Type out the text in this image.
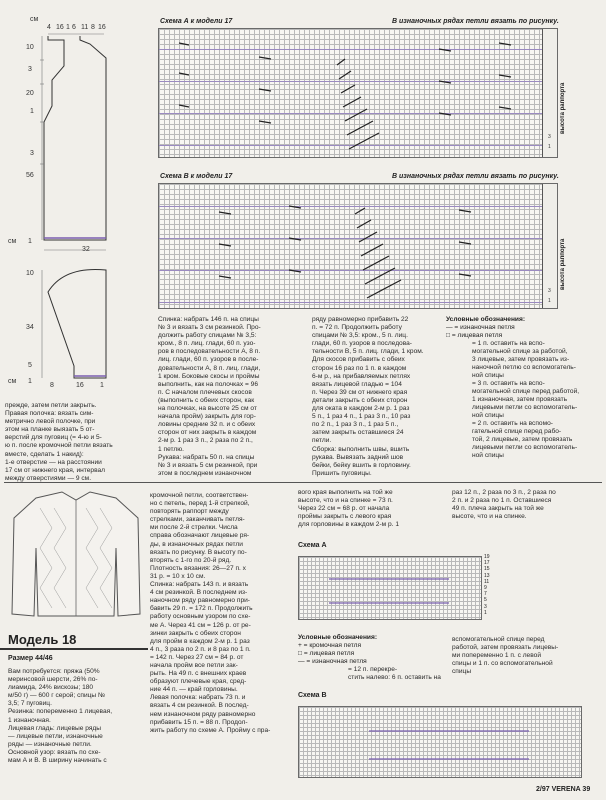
см
4 16 1 6 11 8 16
10
3
20
1
3
56
см 1
32
10
34
5
см 1
8	16 1
Схема А к модели 17	В изнаночных рядах петли вязать по рисунку.
высота раппорта
3
1
Схема В к модели 17	В изнаночных рядах петли вязать по рисунку.
высота раппорта
3
1
прежде, затем петли закрыть.
Правая полочка: вязать сим-
метрично левой полочке, при
этом на планке выязать 5 от-
верстий для пуговиц (= 4-ю и 5-
ю п. после кромочной петли вязать
вместе, сделать 1 накид):
1-е отверстие — на расстоянии
17 см от нижнего края, интервал
между отверстиями — 9 см.
Спинка: набрать 146 п. на спицы
№ 3 и вязать 3 см резинкой. Про-
должить работу спицами № 3,5:
кром., 8 п. лиц. глади, 60 п. узо-
ров в последовательности А, 8 п.
лиц. глади, 60 п. узоров в после-
довательности А, 8 п. лиц. глади,
1 кром. Боковые скосы и проймы
выполнить, как на полочках = 96
п. С началом плечевых скосов
(выполнить с обеих сторон, как
на полочках, на высоте 25 см от
начала пройм) закрыть для гор-
ловины средние 32 п. и с обеих
сторон от них закрыть в каждом
2-м р. 1 раз 3 п., 2 раза по 2 п.,
1 петлю.
Рукава: набрать 50 п. на спицы
№ 3 и вязать 5 см резинкой, при
этом в последнем изнаночном
ряду равномерно прибавить 22
п. = 72 п. Продолжить работу
спицами № 3,5: кром., 5 п. лиц.
глади, 60 п. узоров в последова-
тельности В, 5 п. лиц. глади, 1 кром.
Для скосов прибавить с обеих
сторон 16 раз по 1 п. в каждом
6-м р., на прибавляемых петлях
вязать лицевой гладью = 104
п. Через 39 см от нижнего края
детали закрыть с обеих сторон
для оката в каждом 2-м р. 1 раз
5 п., 1 раз 4 п., 1 раз 3 п., 10 раз
по 2 п., 1 раз 3 п., 1 раз 5 п.,
затем закрыть оставшиеся 24
петли.
Сборка: выполнить швы, вшить
рукава. Вывязать задний шов
бейки, бейку вшить в горловину.
Пришить пуговицы.
Условные обозначения:
— = изнаночная петля
□ = лицевая петля
= 1 п. оставить на вспо-
могательной спице за работой,
3 лицевые, затем провязать из-
наночной петлю со вспомогатель-
ной спицы
= 3 п. оставить на вспо-
могательной спице перед работой,
1 изнаночная, затем провязать
лицевыми петли со вспомогатель-
ной спицы
= 2 п. оставить на вспомо-
гательной спице перед рабо-
той, 2 лицевые, затем провязать
лицевыми петли со вспомогатель-
ной спицы
Модель 18
Размер 44/46
Вам потребуется: пряжа (50%
меринсовой шерсти, 26% по-
лиамида, 24% вискозы; 180
м/50 г) — 600 г серой; спицы №
3,5; 7 пуговиц.
Резинка: попеременно 1 лицевая,
1 изнаночная.
Лицевая гладь: лицевые ряды
— лицевые петли, изнаночные
ряды — изнаночные петли.
Основной узор: вязать по схе-
мам А и В. В ширину начинать с
кромочной петли, соответствен-
но с петель, перед 1-й стрелкой,
повторять раппорт между
стрелками, заканчивать петля-
ми после 2-й стрелки. Числа
справа обозначают лицевые ря-
ды, в изнаночных рядах петли
вязать по рисунку. В высоту по-
вторять с 1-го по 20-й ряд.
Плотность вязания: 26—27 п. х
31 р. = 10 х 10 см.
Спинка: набрать 143 п. и вязать
4 см резинкой. В последнем из-
наночном ряду равномерно при-
бавить 29 п. = 172 п. Продолжить
работу основным узором по схе-
ме А. Через 41 см = 126 р. от ре-
зинки закрыть с обеих сторон
для пройм в каждом 2-м р. 1 раз
4 п., 3 раза по 2 п. и 8 раз по 1 п.
= 142 п. Через 27 см = 84 р. от
начала пройм все петли зак-
рыть. На 49 п. с внешних краев
образуют плечевые края, сред-
ние 44 п. — край горловины.
Левая полочка: набрать 73 п. и
вязать 4 см резинкой. В послед-
нем изнаночном ряду равномерно
прибавить 15 п. = 88 п. Продол-
жить работу по схеме А. Пройму с пра-
вого края выполнить на той же
высоте, что и на спинке = 73 п.
Через 22 см = 68 р. от начала
проймы закрыть с левого края
для горловины в каждом 2-м р. 1
раз 12 п., 2 раза по 3 п., 2 раза по
2 п. и 2 раза по 1 п. Оставшиеся
49 п. плеча закрыть на той же
высоте, что и на спинке.
Схема А
19
17
15
13
11
9
7
5
3
1
Условные обозначения:
+ = кромочная петля
□ = лицевая петля
— = изнаночная петля
= 12 п. перекре-
стить налево: 6 п. оставить на
вспомогательной спице перед
работой, затем провязать лицевы-
ми попеременно 1 п. с левой
спицы и 1 п. со вспомогательной
спицы
Схема В
2/97 VERENA 39
